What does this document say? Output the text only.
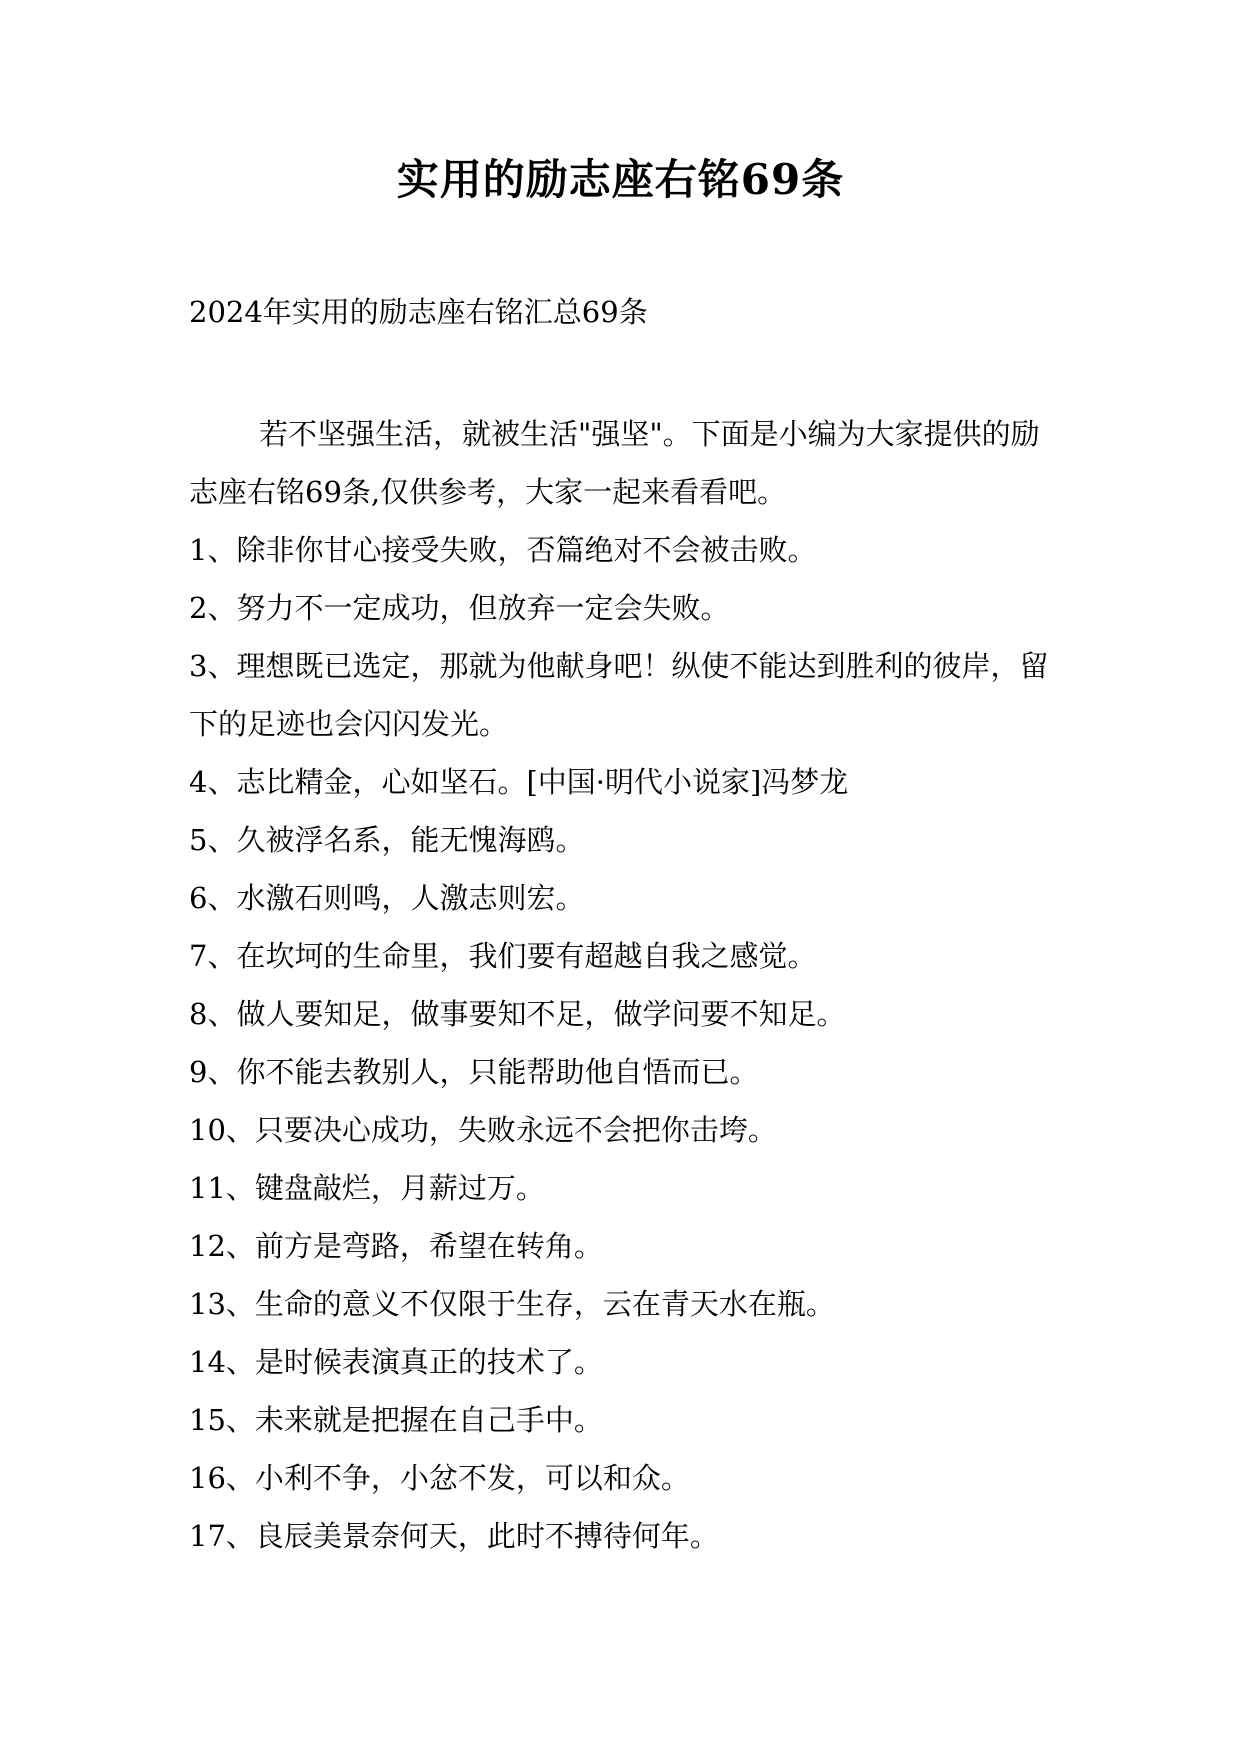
实用的励志座右铭69条
2024年实用的励志座右铭汇总69条

若不坚强生活，就被生活"强坚"。下面是小编为大家提供的励志座右铭69条,仅供参考，大家一起来看看吧。

1、除非你甘心接受失败，否篇绝对不会被击败。

2、努力不一定成功，但放弃一定会失败。

3、理想既已选定，那就为他献身吧！纵使不能达到胜利的彼岸，留下的足迹也会闪闪发光。

4、志比精金，心如坚石。[中国·明代小说家]冯梦龙

5、久被浮名系，能无愧海鸥。

6、水激石则鸣，人激志则宏。

7、在坎坷的生命里，我们要有超越自我之感觉。

8、做人要知足，做事要知不足，做学问要不知足。

9、你不能去教别人，只能帮助他自悟而已。

10、只要决心成功，失败永远不会把你击垮。

11、键盘敲烂，月薪过万。

12、前方是弯路，希望在转角。

13、生命的意义不仅限于生存，云在青天水在瓶。

14、是时候表演真正的技术了。

15、未来就是把握在自己手中。

16、小利不争，小忿不发，可以和众。

17、良辰美景奈何天，此时不搏待何年。
